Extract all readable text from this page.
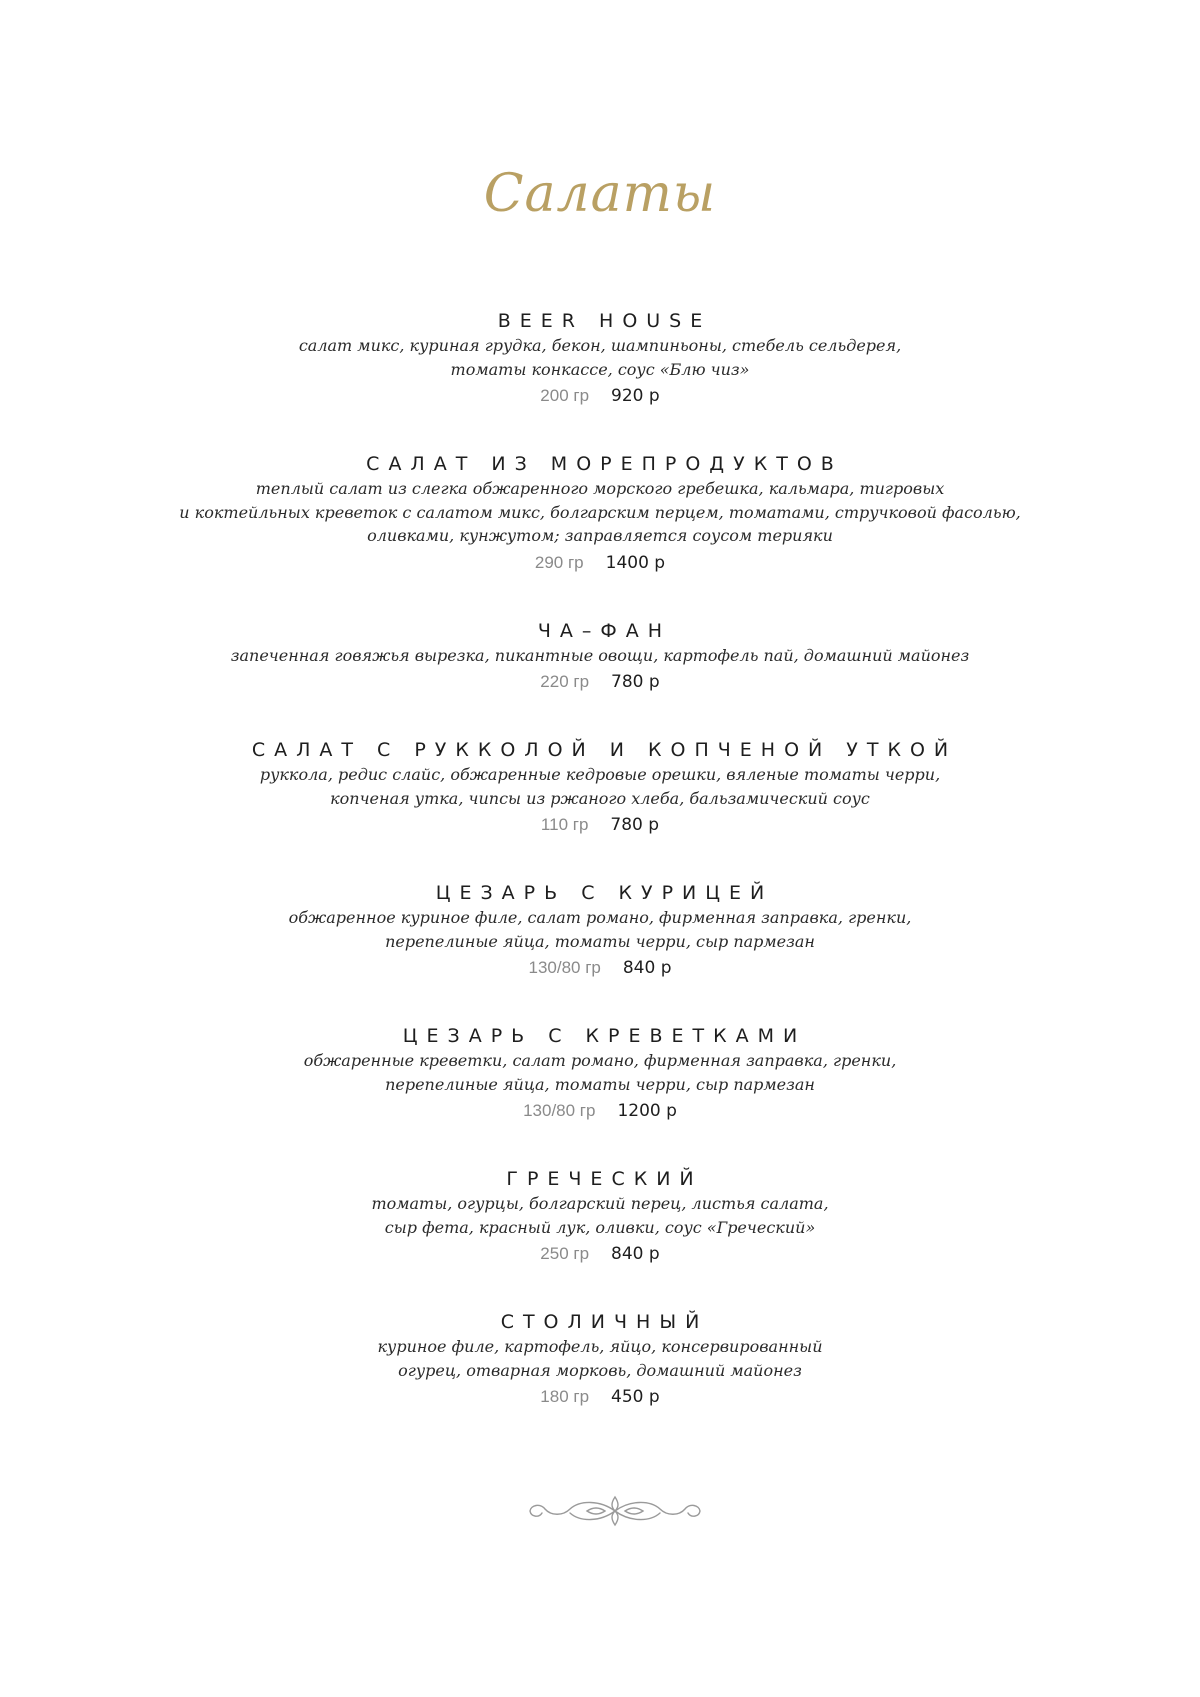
Салаты
BEER HOUSE
салат микс, куриная грудка, бекон, шампиньоны, стебель сельдерея,
томаты конкассе, соус «Блю чиз»
200 гр 920 р
САЛАТ ИЗ МОРЕПРОДУКТОВ
теплый салат из слегка обжаренного морского гребешка, кальмара, тигровых
и коктейльных креветок с салатом микс, болгарским перцем, томатами, стручковой фасолью,
оливками, кунжутом; заправляется соусом терияки
290 гр 1400 р
ЧА–ФАН
запеченная говяжья вырезка, пикантные овощи, картофель пай, домашний майонез
220 гр 780 р
САЛАТ С РУККОЛОЙ И КОПЧЕНОЙ УТКОЙ
руккола, редис слайс, обжаренные кедровые орешки, вяленые томаты черри,
копченая утка, чипсы из ржаного хлеба, бальзамический соус
110 гр 780 р
ЦЕЗАРЬ С КУРИЦЕЙ
обжаренное куриное филе, салат романо, фирменная заправка, гренки,
перепелиные яйца, томаты черри, сыр пармезан
130/80 гр 840 р
ЦЕЗАРЬ С КРЕВЕТКАМИ
обжаренные креветки, салат романо, фирменная заправка, гренки,
перепелиные яйца, томаты черри, сыр пармезан
130/80 гр 1200 р
ГРЕЧЕСКИЙ
томаты, огурцы, болгарский перец, листья салата,
сыр фета, красный лук, оливки, соус «Греческий»
250 гр 840 р
СТОЛИЧНЫЙ
куриное филе, картофель, яйцо, консервированный
огурец, отварная морковь, домашний майонез
180 гр 450 р
